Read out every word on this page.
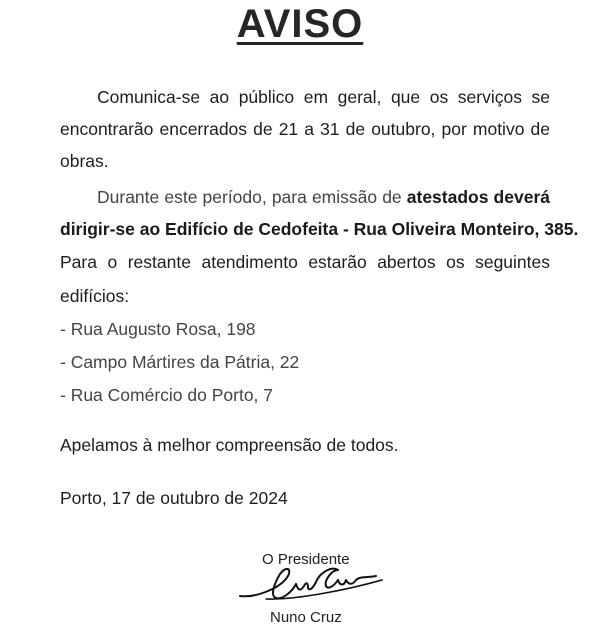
AVISO
Comunica-se ao público em geral, que os serviços se
encontrarão encerrados de 21 a 31 de outubro, por motivo de
obras.
Durante este período, para emissão de atestados deverá
dirigir-se ao Edifício de Cedofeita - Rua Oliveira Monteiro, 385.
Para o restante atendimento estarão abertos os seguintes
edifícios:
- Rua Augusto Rosa, 198
- Campo Mártires da Pátria, 22
- Rua Comércio do Porto, 7
Apelamos à melhor compreensão de todos.
Porto, 17 de outubro de 2024
O Presidente
Nuno Cruz
